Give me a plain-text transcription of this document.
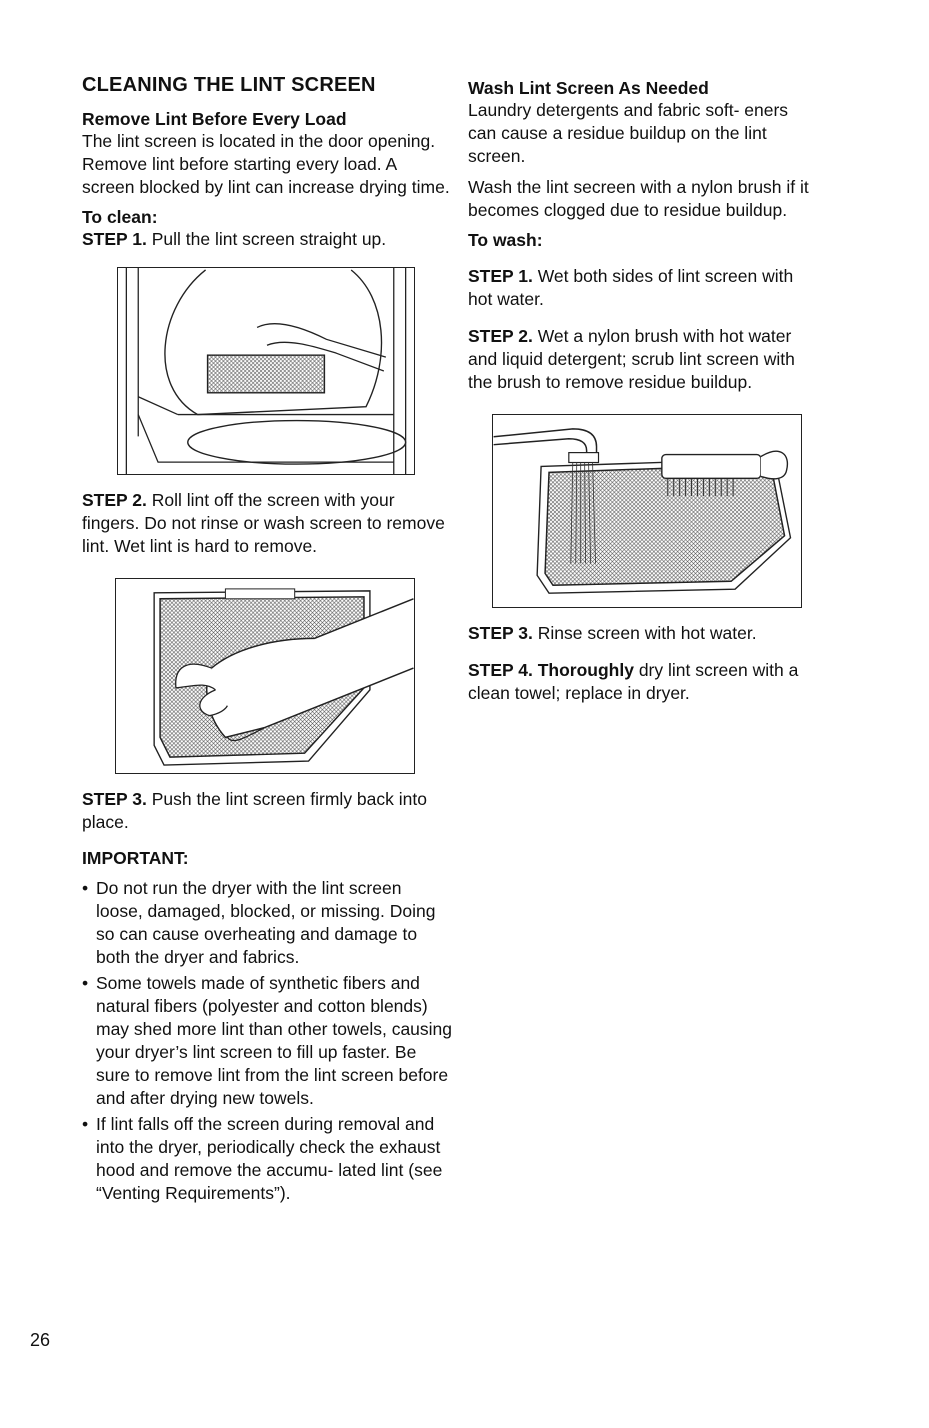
CLEANING THE LINT SCREEN
Remove Lint Before Every Load

The lint screen is located in the door opening. Remove lint before starting every load. A screen blocked by lint can increase drying time.

To clean:

STEP 1. Pull the lint screen straight up.

STEP 2. Roll lint off the screen with your fingers. Do not rinse or wash screen to remove lint. Wet lint is hard to remove.

STEP 3. Push the lint screen firmly back into place.

IMPORTANT:
• Do not run the dryer with the lint screen loose, damaged, blocked, or missing. Doing so can cause overheating and damage to both the dryer and fabrics.
• Some towels made of synthetic fibers and natural fibers (polyester and cotton blends) may shed more lint than other towels, causing your dryer’s lint screen to fill up faster. Be sure to remove lint from the lint screen before and after drying new towels.
• If lint falls off the screen during removal and into the dryer, periodically check the exhaust hood and remove the accumu- lated lint (see “Venting Requirements”).
Wash Lint Screen As Needed

Laundry detergents and fabric soft- eners can cause a residue buildup on the lint screen.

Wash the lint secreen with a nylon brush if it becomes clogged due to residue buildup.

To wash:

STEP 1. Wet both sides of lint screen with hot water.

STEP 2. Wet a nylon brush with hot water and liquid detergent; scrub lint screen with the brush to remove residue buildup.

STEP 3. Rinse screen with hot water.

STEP 4. Thoroughly dry lint screen with a clean towel; replace in dryer.

26
